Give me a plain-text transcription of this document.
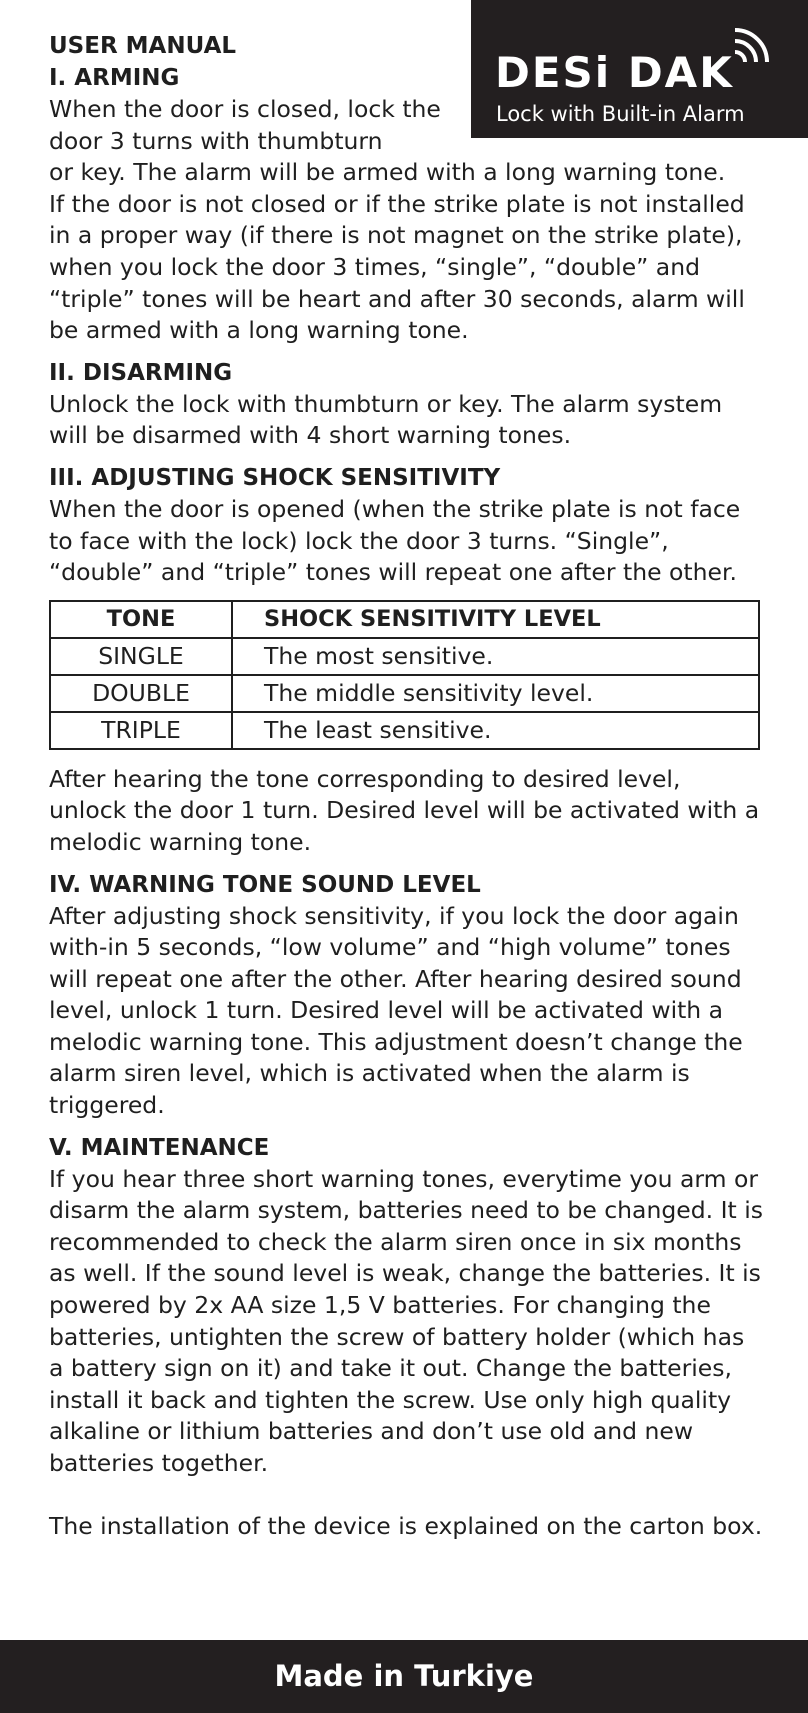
DESi DAK
Lock with Built-in Alarm

USER MANUAL

I. ARMING

When the door is closed, lock the door 3 turns with thumbturn

or key. The alarm will be armed with a long warning tone.

If the door is not closed or if the strike plate is not installed in a proper way (if there is not magnet on the strike plate), when you lock the door 3 times, “single”, “double” and “triple” tones will be heart and after 30 seconds, alarm will be armed with a long warning tone.

II. DISARMING

Unlock the lock with thumbturn or key. The alarm system will be disarmed with 4 short warning tones.

III. ADJUSTING SHOCK SENSITIVITY

When the door is opened (when the strike plate is not face to face with the lock) lock the door 3 turns. “Single”, “double” and “triple” tones will repeat one after the other.

TONE	SHOCK SENSITIVITY LEVEL
SINGLE	The most sensitive.
DOUBLE	The middle sensitivity level.
TRIPLE	The least sensitive.

After hearing the tone corresponding to desired level, unlock the door 1 turn. Desired level will be activated with a melodic warning tone.

IV. WARNING TONE SOUND LEVEL

After adjusting shock sensitivity, if you lock the door again with-in 5 seconds, “low volume” and “high volume” tones will repeat one after the other. After hearing desired sound level, unlock 1 turn. Desired level will be activated with a melodic warning tone. This adjustment doesn’t change the alarm siren level, which is activated when the alarm is triggered.

V. MAINTENANCE

If you hear three short warning tones, everytime you arm or disarm the alarm system, batteries need to be changed. It is recommended to check the alarm siren once in six months as well. If the sound level is weak, change the batteries. It is powered by 2x AA size 1,5 V batteries. For changing the batteries, untighten the screw of battery holder (which has a battery sign on it) and take it out. Change the batteries, install it back and tighten the screw. Use only high quality alkaline or lithium batteries and don’t use old and new batteries together.

The installation of the device is explained on the carton box.

Made in Turkiye
